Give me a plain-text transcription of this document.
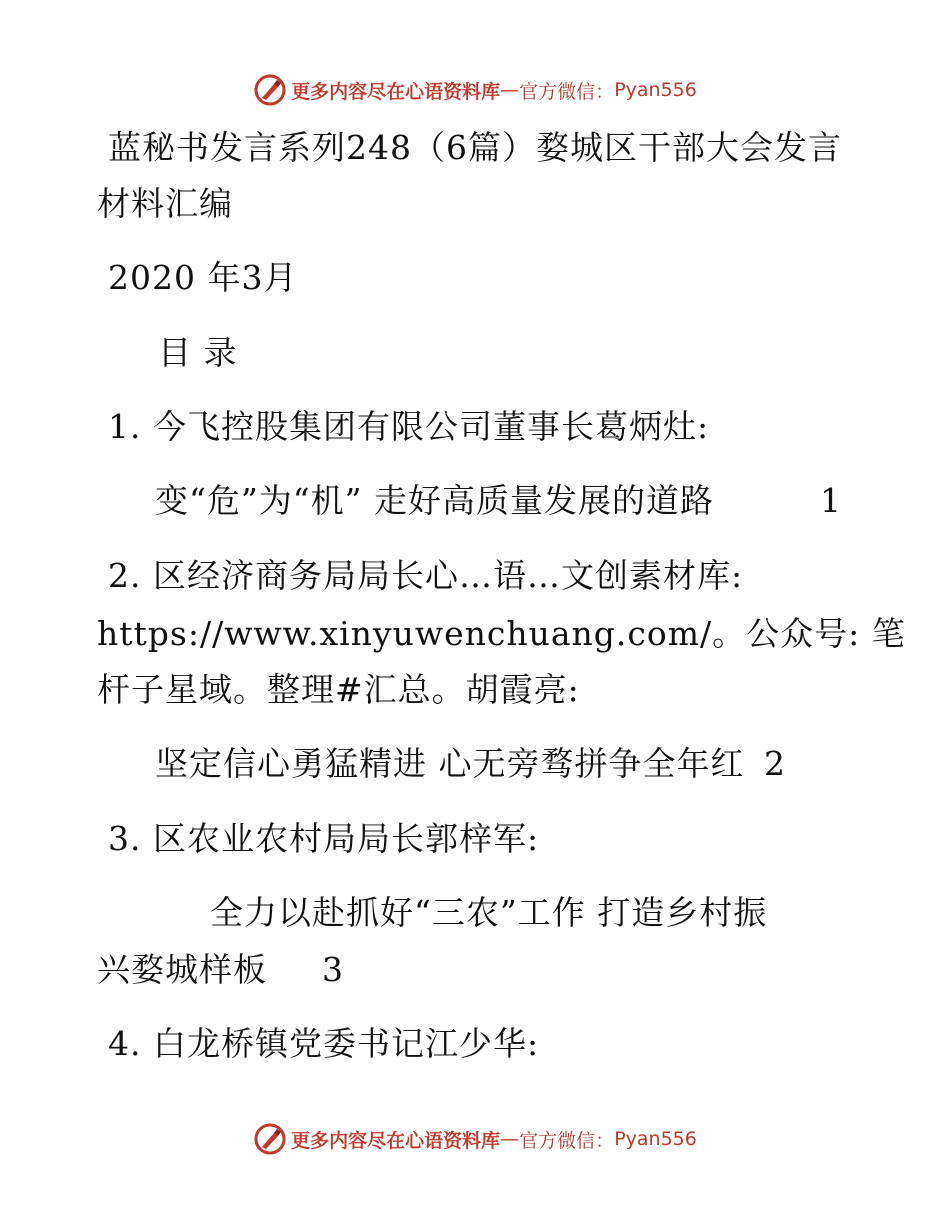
更多内容尽在心语资料库 — 官方微信： Pyan556
蓝秘书发言系列248（6篇）婺城区干部大会发言
材料汇编
2020 年3月
目 录
1. 今飞控股集团有限公司董事长葛炳灶:
变“危”为“机” 走好高质量发展的道路	1
2. 区经济商务局局长心…语…文创素材库:
https://www.xinyuwenchuang.com/。公众号: 笔
杆子星域。整理#汇总。胡霞亮:
坚定信心勇猛精进 心无旁骛拼争全年红 2
3. 区农业农村局局长郭梓军:
全力以赴抓好“三农”工作 打造乡村振
兴婺城样板	3
4. 白龙桥镇党委书记江少华:
更多内容尽在心语资料库 — 官方微信： Pyan556
